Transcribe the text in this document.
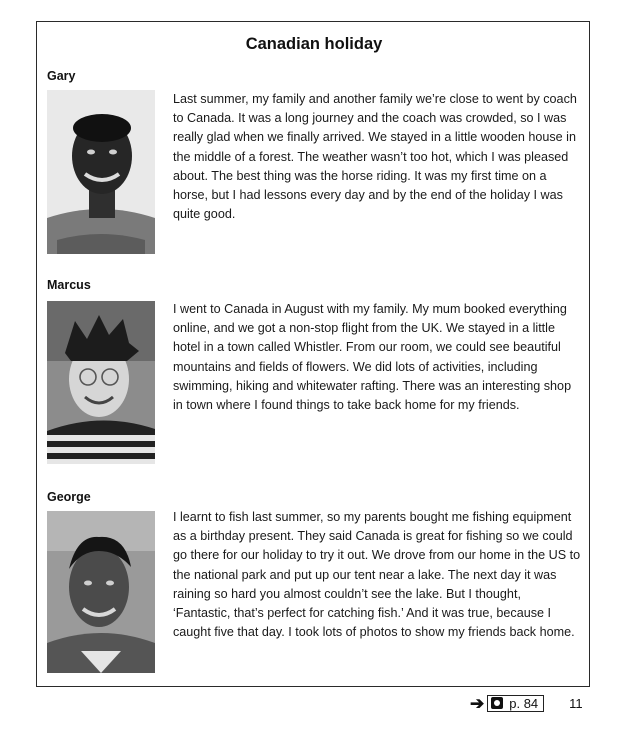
Canadian holiday
Gary

Last summer, my family and another family we’re close to went by coach to Canada. It was a long journey and the coach was crowded, so I was really glad when we finally arrived. We stayed in a little wooden house in the middle of a forest. The weather wasn’t too hot, which I was pleased about. The best thing was the horse riding. It was my first time on a horse, but I had lessons every day and by the end of the holiday I was quite good.

Marcus

I went to Canada in August with my family. My mum booked everything online, and we got a non-stop flight from the UK. We stayed in a little hotel in a town called Whistler. From our room, we could see beautiful mountains and fields of flowers. We did lots of activities, including swimming, hiking and whitewater rafting. There was an interesting shop in town where I found things to take back home for my friends.

George

I learnt to fish last summer, so my parents bought me fishing equipment as a birthday present. They said Canada is great for fishing so we could go there for our holiday to try it out. We drove from our home in the US to the national park and put up our tent near a lake. The next day it was raining so hard you almost couldn’t see the lake. But I thought, ‘Fantastic, that’s perfect for catching fish.’ And it was true, because I caught five that day. I took lots of photos to show my friends back home.

➔ p. 84 11
